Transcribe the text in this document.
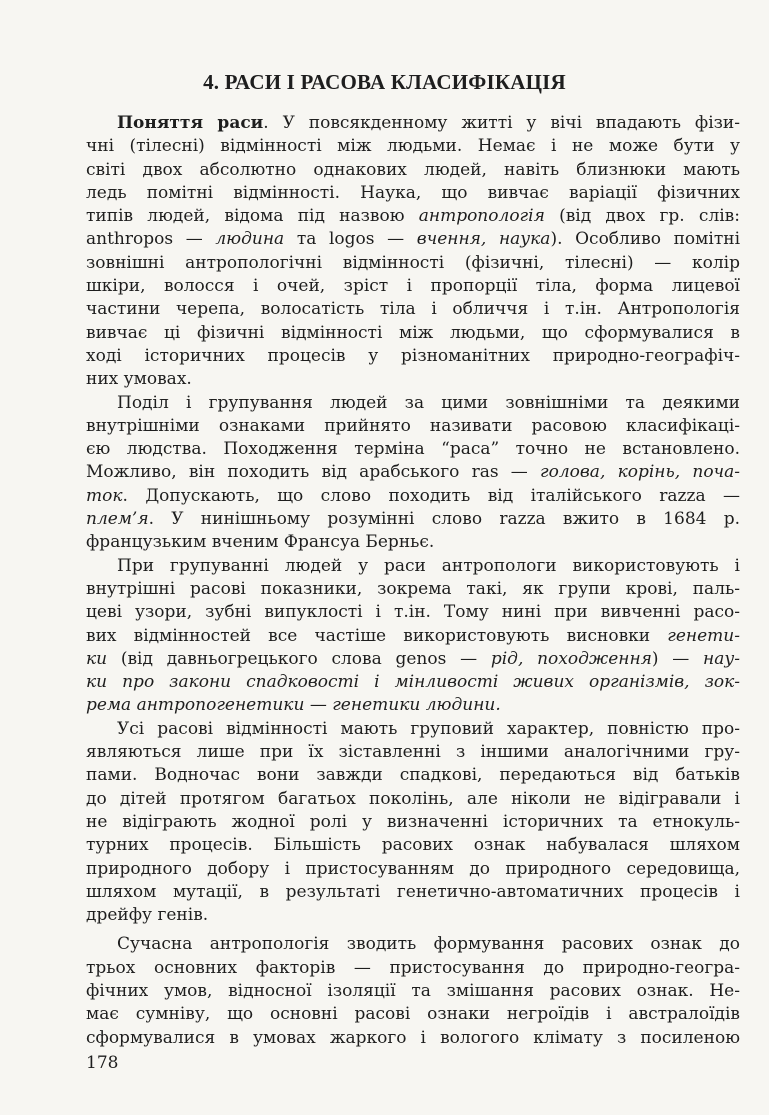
4. РАСИ І РАСОВА КЛАСИФІКАЦІЯ
Поняття раси. У повсякденному житті у вічі впадають фізи-
чні (тілесні) відмінності між людьми. Немає і не може бути у
світі двох абсолютно однакових людей, навіть близнюки мають
ледь помітні відмінності. Наука, що вивчає варіації фізичних
типів людей, відома під назвою антропологія (від двох гр. слів:
anthropos — людина та logos — вчення, наука). Особливо помітні
зовнішні антропологічні відмінності (фізичні, тілесні) — колір
шкіри, волосся і очей, зріст і пропорції тіла, форма лицевої
частини черепа, волосатість тіла і обличчя і т.ін. Антропологія
вивчає ці фізичні відмінності між людьми, що сформувалися в
ході історичних процесів у різноманітних природно-географіч-
них умовах.
Поділ і групування людей за цими зовнішніми та деякими
внутрішніми ознаками прийнято називати расовою класифікаці-
єю людства. Походження терміна “раса” точно не встановлено.
Можливо, він походить від арабського ras — голова, корінь, поча-
ток. Допускають, що слово походить від італійського razza —
плем’я. У нинішньому розумінні слово razza вжито в 1684 р.
французьким вченим Франсуа Берньє.
При групуванні людей у раси антропологи використовують і
внутрішні расові показники, зокрема такі, як групи крові, паль-
цеві узори, зубні випуклості і т.ін. Тому нині при вивченні расо-
вих відмінностей все частіше використовують висновки генети-
ки (від давньогрецького слова genos — рід, походження) — нау-
ки про закони спадковості і мінливості живих організмів, зок-
рема антропогенетики — генетики людини.
Усі расові відмінності мають груповий характер, повністю про-
являються лише при їх зіставленні з іншими аналогічними гру-
пами. Водночас вони завжди спадкові, передаються від батьків
до дітей протягом багатьох поколінь, але ніколи не відігравали і
не відіграють жодної ролі у визначенні історичних та етнокуль-
турних процесів. Більшість расових ознак набувалася шляхом
природного добору і пристосуванням до природного середовища,
шляхом мутації, в результаті генетично-автоматичних процесів і
дрейфу генів.
Сучасна антропологія зводить формування расових ознак до
трьох основних факторів — пристосування до природно-геогра-
фічних умов, відносної ізоляції та змішання расових ознак. Не-
має сумніву, що основні расові ознаки негроїдів і австралоїдів
сформувалися в умовах жаркого і вологого клімату з посиленою
178
